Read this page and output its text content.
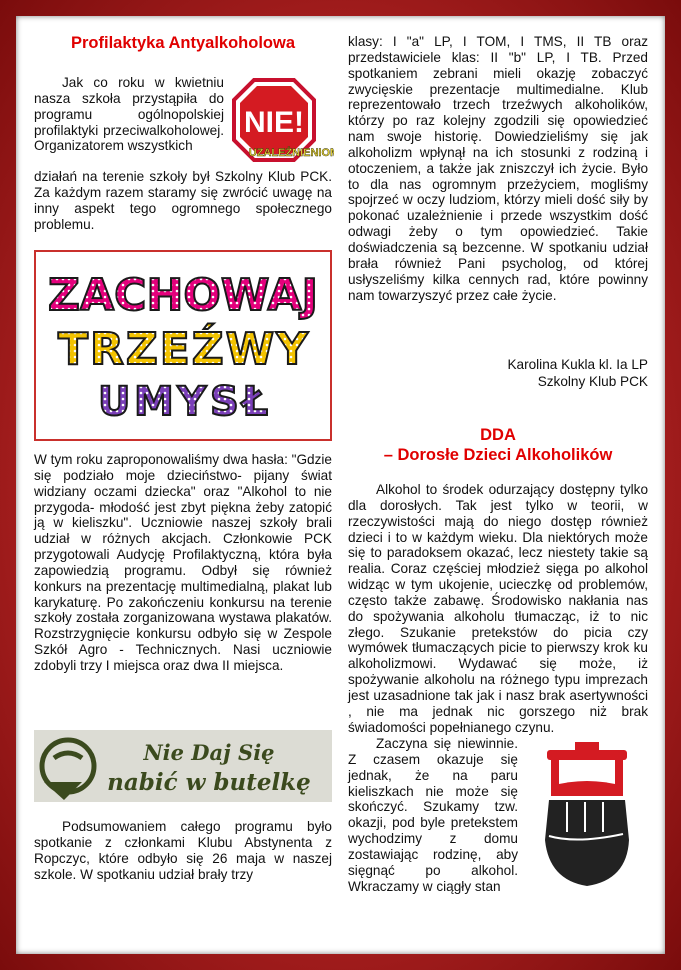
Profilaktyka Antyalkoholowa
NIE!
UZALEŻNIENIOM

Jak co roku w kwietniu nasza szkoła przystąpiła do programu ogólnopolskiej profilaktyki przeciwalkoholowej. Organizatorem wszystkich

działań na terenie szkoły był Szkolny Klub PCK. Za każdym razem staramy się zwrócić uwagę na inny aspekt tego ogromnego społecznego problemu.

ZACHOWAJ
TRZEŹWY
UMYSŁ

W tym roku zaproponowaliśmy dwa hasła: "Gdzie się podziało moje dzieciństwo- pijany świat widziany oczami dziecka" oraz "Alkohol to nie przygoda- młodość jest zbyt piękna żeby zatopić ją w kieliszku". Uczniowie naszej szkoły brali udział w różnych akcjach. Członkowie PCK przygotowali Audycję Profilaktyczną, która była zapowiedzią programu. Odbył się również konkurs na prezentację multimedialną, plakat lub karykaturę. Po zakończeniu konkursu na terenie szkoły została zorganizowana wystawa plakatów. Rozstrzygnięcie konkursu odbyło się w Zespole Szkół Agro - Technicznych. Nasi uczniowie zdobyli trzy I miejsca oraz dwa II miejsca.

Nie Daj Się
nabić w butelkę

Podsumowaniem całego programu było spotkanie z członkami Klubu Abstynenta z Ropczyc, które odbyło się 26 maja w naszej szkole. W spotkaniu udział brały trzy

klasy: I "a" LP, I TOM, I TMS, II TB oraz przedstawiciele klas: II "b" LP, I TB. Przed spotkaniem zebrani mieli okazję zobaczyć zwycięskie prezentacje multimedialne. Klub reprezentowało trzech trzeźwych alkoholików, którzy po raz kolejny zgodzili się opowiedzieć nam swoje historię. Dowiedzieliśmy się jak alkoholizm wpłynął na ich stosunki z rodziną i otoczeniem, a także jak zniszczył ich życie. Było to dla nas ogromnym przeżyciem, mogliśmy spojrzeć w oczy ludziom, którzy mieli dość siły by pokonać uzależnienie i przede wszystkim dość odwagi żeby o tym opowiedzieć. Takie doświadczenia są bezcenne. W spotkaniu udział brała również Pani psycholog, od której usłyszeliśmy kilka cennych rad, które powinny nam towarzyszyć przez całe życie.

Karolina Kukla kl. Ia LP

Szkolny Klub PCK

DDA
– Dorosłe Dzieci Alkoholików

Alkohol to środek odurzający dostępny tylko dla dorosłych. Tak jest tylko w teorii, w rzeczywistości mają do niego dostęp również dzieci i to w każdym wieku. Dla niektórych może się to paradoksem okazać, lecz niestety takie są realia. Coraz częściej młodzież sięga po alkohol widząc w tym ukojenie, ucieczkę od problemów, często także zabawę. Środowisko nakłania nas do spożywania alkoholu tłumacząc, iż to nic złego. Szukanie pretekstów do picia czy wymówek tłumaczących picie to pierwszy krok ku alkoholizmowi. Wydawać się może, iż spożywanie alkoholu na różnego typu imprezach jest uzasadnione tak jak i nasz brak asertywności , nie ma jednak nic gorszego niż brak świadomości popełnianego czynu.

Zaczyna się niewinnie. Z czasem okazuje się jednak, że na paru kieliszkach nie może się skończyć. Szukamy tzw. okazji, pod byle pretekstem wychodzimy z domu zostawiając rodzinę, aby sięgnąć po alkohol. Wkraczamy w ciągły stan
